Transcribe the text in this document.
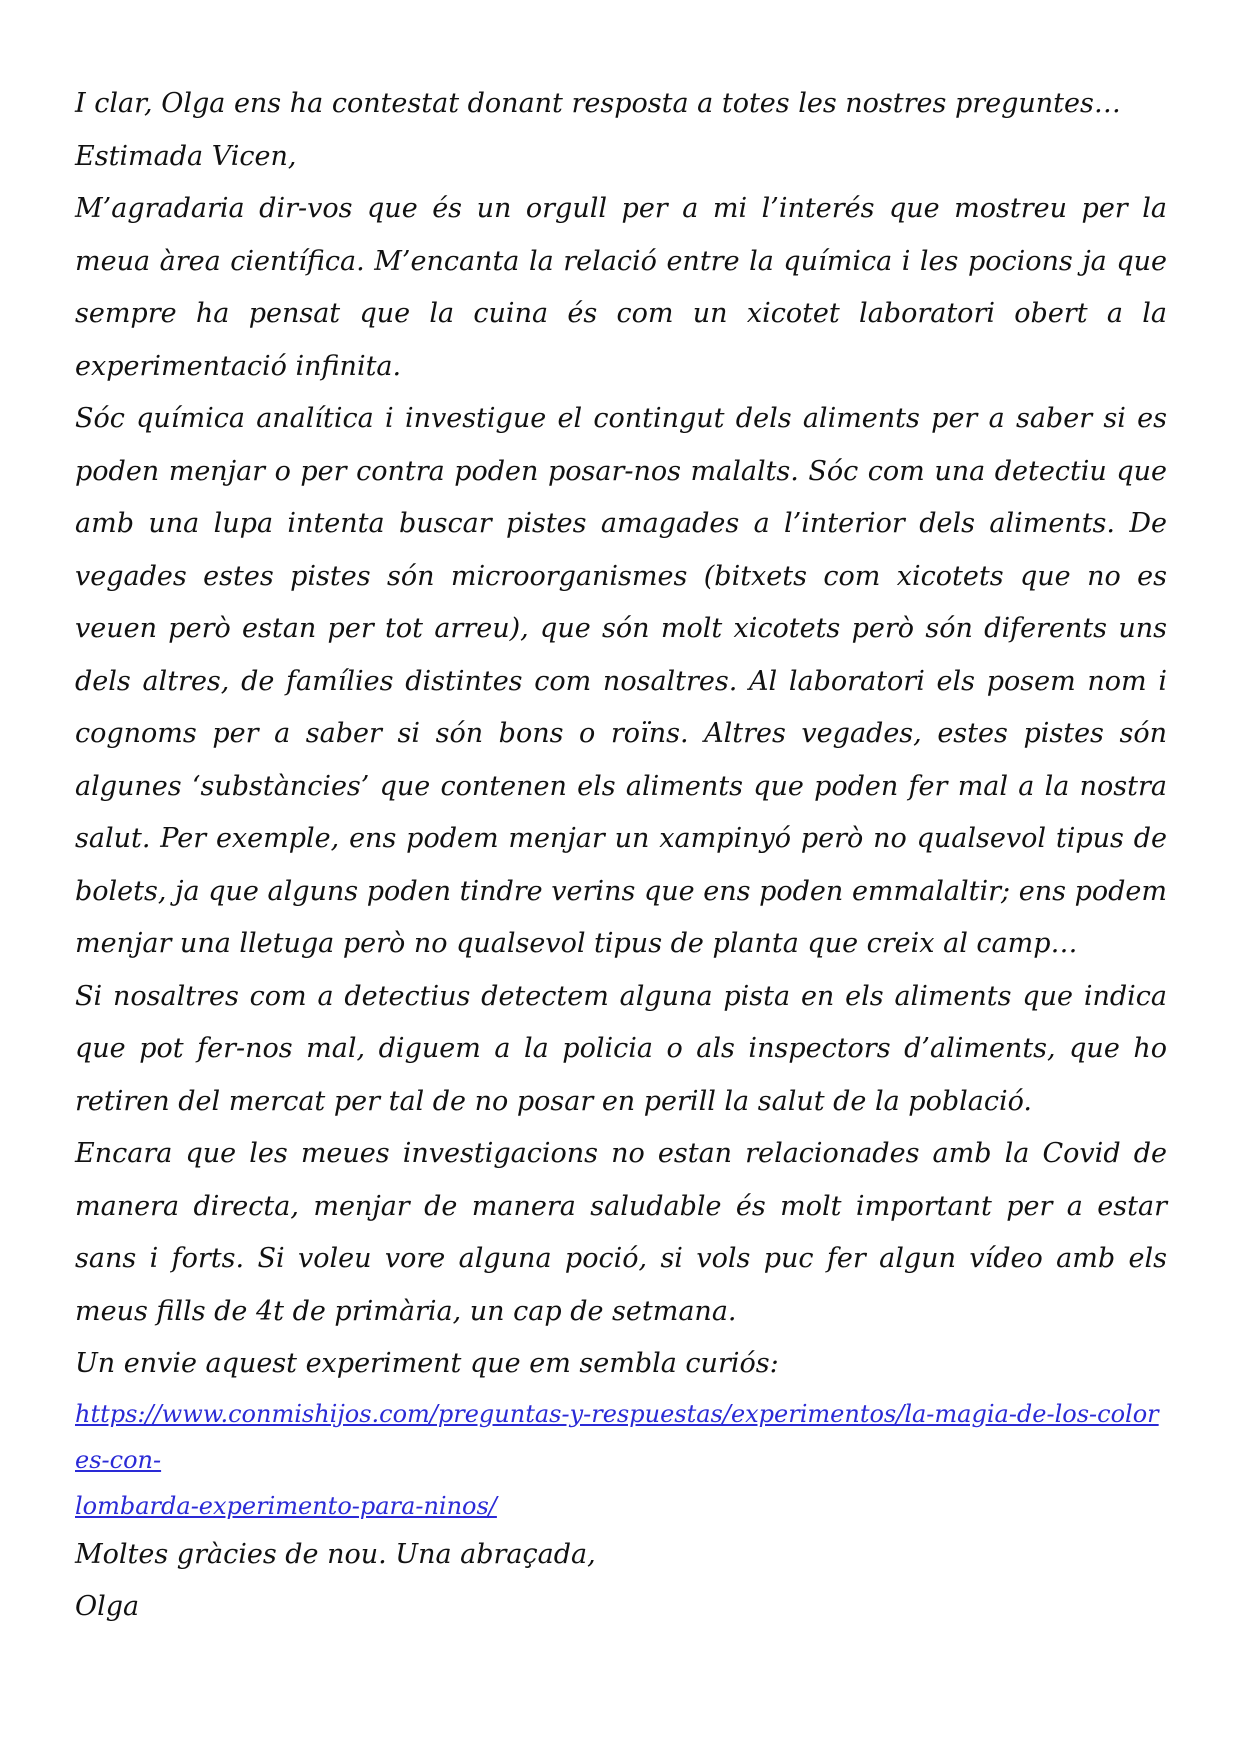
I clar, Olga ens ha contestat donant resposta a totes les nostres preguntes…

Estimada Vicen,

M’agradaria dir-vos que és un orgull per a mi l’interés que mostreu per la meua àrea científica. M’encanta la relació entre la química i les pocions ja que sempre ha pensat que la cuina és com un xicotet laboratori obert a la experimentació infinita.

Sóc química analítica i investigue el contingut dels aliments per a saber si es poden menjar o per contra poden posar-nos malalts. Sóc com una detectiu que amb una lupa intenta buscar pistes amagades a l’interior dels aliments. De vegades estes pistes són microorganismes (bitxets com xicotets que no es veuen però estan per tot arreu), que són molt xicotets però són diferents uns dels altres, de famílies distintes com nosaltres. Al laboratori els posem nom i cognoms per a saber si són bons o roïns. Altres vegades, estes pistes són algunes ‘substàncies’ que contenen els aliments que poden fer mal a la nostra salut. Per exemple, ens podem menjar un xampinyó però no qualsevol tipus de bolets, ja que alguns poden tindre verins que ens poden emmalaltir; ens podem menjar una lletuga però no qualsevol tipus de planta que creix al camp…

Si nosaltres com a detectius detectem alguna pista en els aliments que indica que pot fer-nos mal, diguem a la policia o als inspectors d’aliments, que ho retiren del mercat per tal de no posar en perill la salut de la població.

Encara que les meues investigacions no estan relacionades amb la Covid de manera directa, menjar de manera saludable és molt important per a estar sans i forts. Si voleu vore alguna poció, si vols puc fer algun vídeo amb els meus fills de 4t de primària, un cap de setmana.

Un envie aquest experiment que em sembla curiós:

https://www.conmishijos.com/preguntas-y-respuestas/experimentos/la-magia-de-los-colores-con-
lombarda-experimento-para-ninos/

Moltes gràcies de nou. Una abraçada,

Olga
